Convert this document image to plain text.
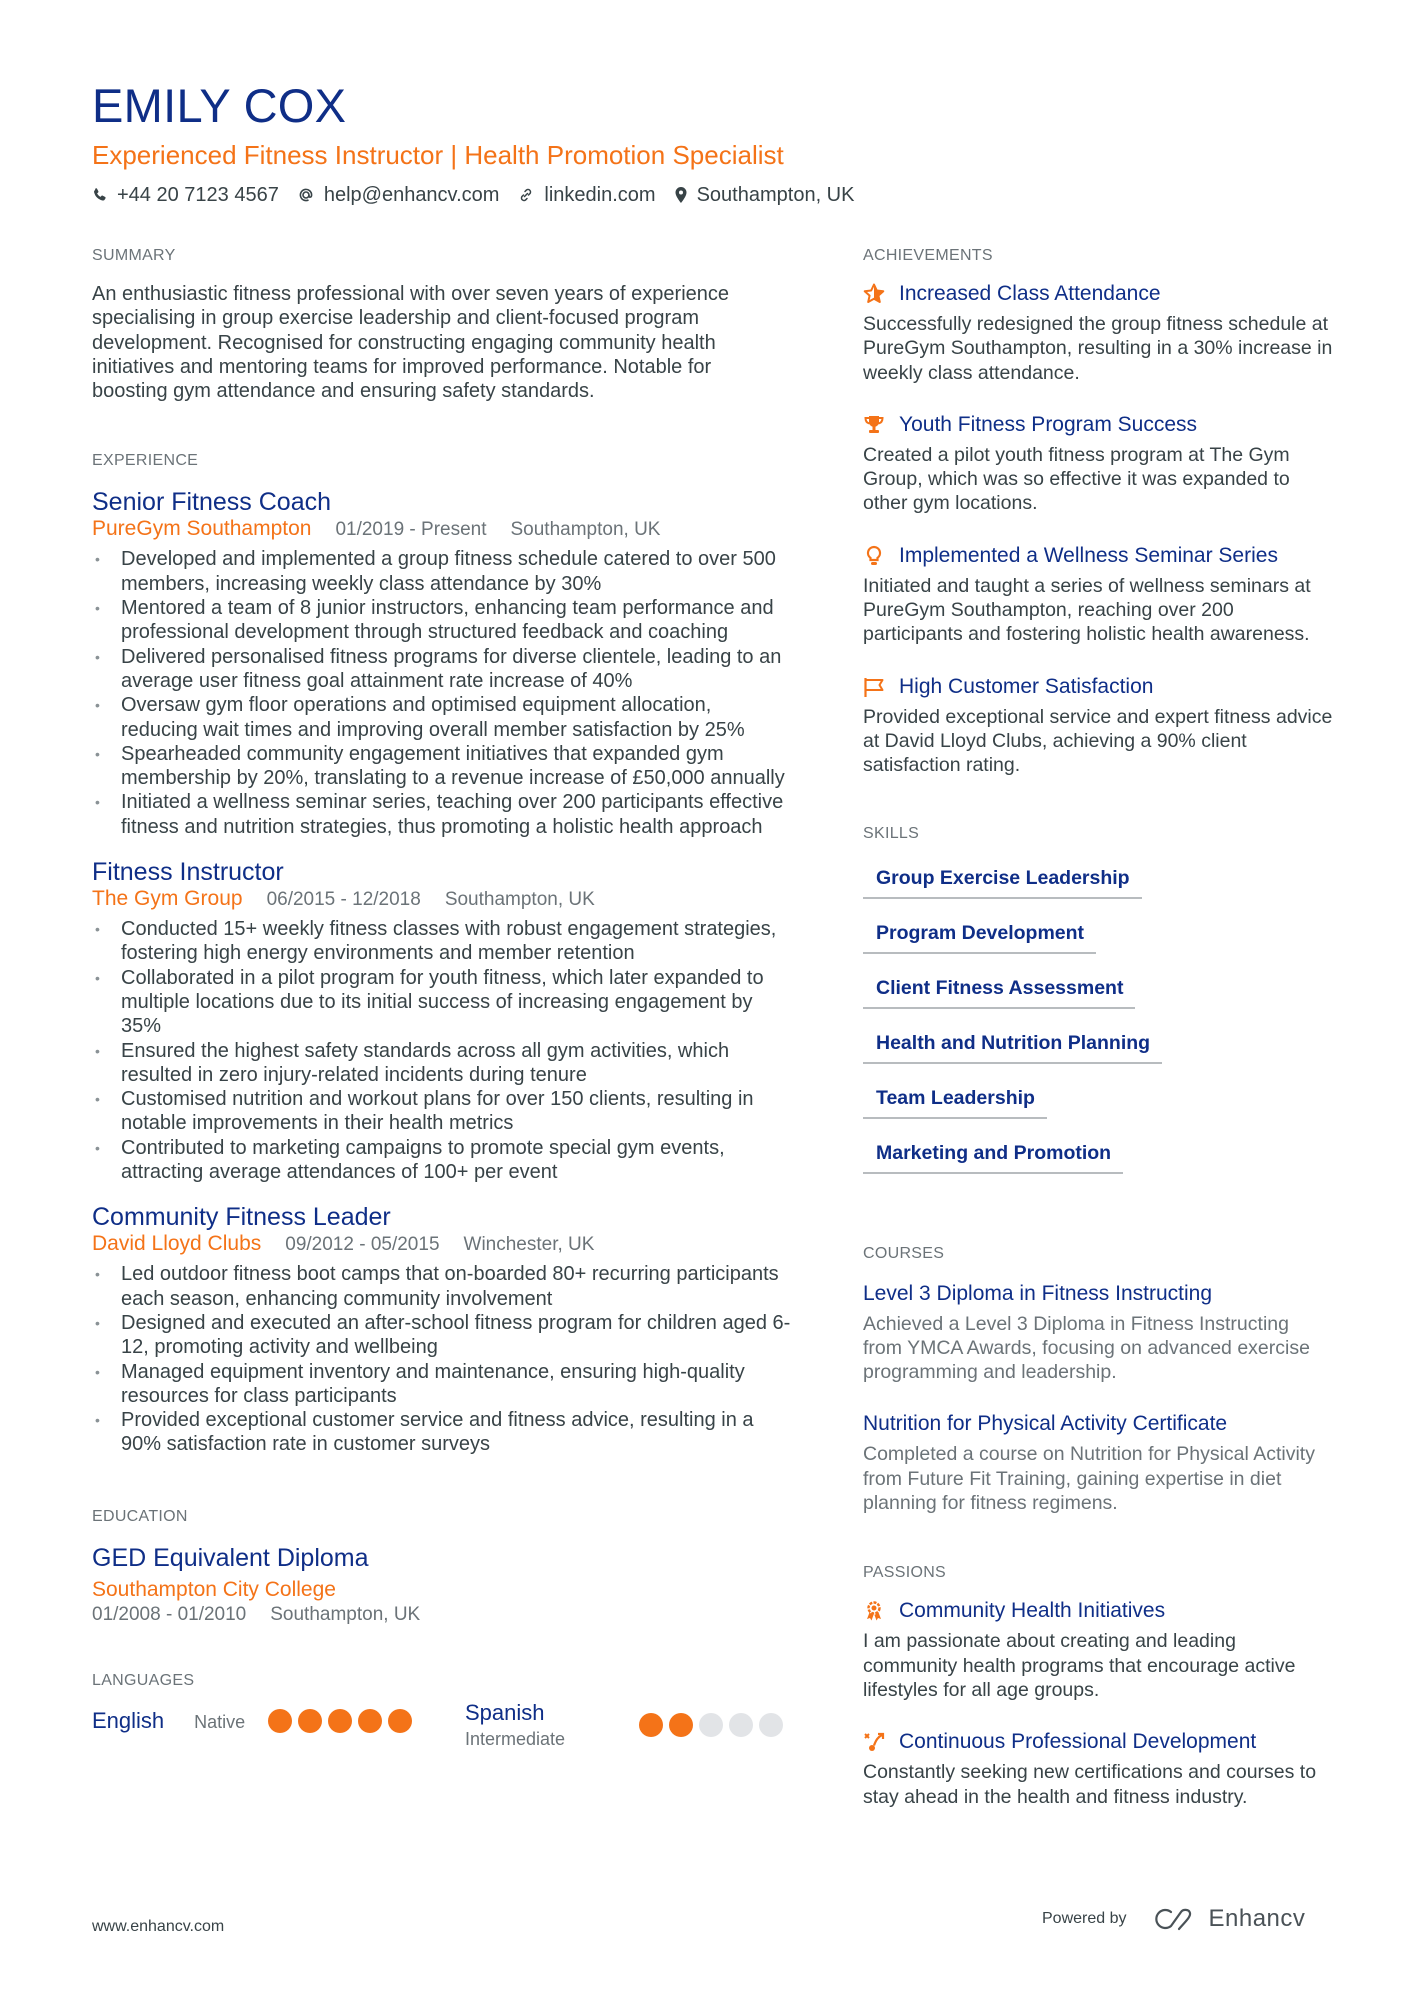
EMILY COX
Experienced Fitness Instructor | Health Promotion Specialist
+44 20 7123 4567 help@enhancv.com linkedin.com Southampton, UK
SUMMARY
An enthusiastic fitness professional with over seven years of experience specialising in group exercise leadership and client-focused program development. Recognised for constructing engaging community health initiatives and mentoring teams for improved performance. Notable for boosting gym attendance and ensuring safety standards.
EXPERIENCE
Senior Fitness Coach
PureGym Southampton 01/2019 - Present Southampton, UK
• Developed and implemented a group fitness schedule catered to over 500 members, increasing weekly class attendance by 30%
• Mentored a team of 8 junior instructors, enhancing team performance and professional development through structured feedback and coaching
• Delivered personalised fitness programs for diverse clientele, leading to an average user fitness goal attainment rate increase of 40%
• Oversaw gym floor operations and optimised equipment allocation, reducing wait times and improving overall member satisfaction by 25%
• Spearheaded community engagement initiatives that expanded gym membership by 20%, translating to a revenue increase of £50,000 annually
• Initiated a wellness seminar series, teaching over 200 participants effective fitness and nutrition strategies, thus promoting a holistic health approach
Fitness Instructor
The Gym Group 06/2015 - 12/2018 Southampton, UK
• Conducted 15+ weekly fitness classes with robust engagement strategies, fostering high energy environments and member retention
• Collaborated in a pilot program for youth fitness, which later expanded to multiple locations due to its initial success of increasing engagement by 35%
• Ensured the highest safety standards across all gym activities, which resulted in zero injury-related incidents during tenure
• Customised nutrition and workout plans for over 150 clients, resulting in notable improvements in their health metrics
• Contributed to marketing campaigns to promote special gym events, attracting average attendances of 100+ per event
Community Fitness Leader
David Lloyd Clubs 09/2012 - 05/2015 Winchester, UK
• Led outdoor fitness boot camps that on-boarded 80+ recurring participants each season, enhancing community involvement
• Designed and executed an after-school fitness program for children aged 6-12, promoting activity and wellbeing
• Managed equipment inventory and maintenance, ensuring high-quality resources for class participants
• Provided exceptional customer service and fitness advice, resulting in a 90% satisfaction rate in customer surveys
EDUCATION
GED Equivalent Diploma
Southampton City College
01/2008 - 01/2010 Southampton, UK
LANGUAGES
English Native	Spanish
Intermediate
ACHIEVEMENTS
Increased Class Attendance
Successfully redesigned the group fitness schedule at PureGym Southampton, resulting in a 30% increase in weekly class attendance.
Youth Fitness Program Success
Created a pilot youth fitness program at The Gym Group, which was so effective it was expanded to other gym locations.
Implemented a Wellness Seminar Series
Initiated and taught a series of wellness seminars at PureGym Southampton, reaching over 200 participants and fostering holistic health awareness.
High Customer Satisfaction
Provided exceptional service and expert fitness advice at David Lloyd Clubs, achieving a 90% client satisfaction rating.
SKILLS
Group Exercise Leadership
Program Development
Client Fitness Assessment
Health and Nutrition Planning
Team Leadership
Marketing and Promotion
COURSES
Level 3 Diploma in Fitness Instructing
Achieved a Level 3 Diploma in Fitness Instructing from YMCA Awards, focusing on advanced exercise programming and leadership.
Nutrition for Physical Activity Certificate
Completed a course on Nutrition for Physical Activity from Future Fit Training, gaining expertise in diet planning for fitness regimens.
PASSIONS
Community Health Initiatives
I am passionate about creating and leading community health programs that encourage active lifestyles for all age groups.
Continuous Professional Development
Constantly seeking new certifications and courses to stay ahead in the health and fitness industry.
www.enhancv.com	Powered by	Enhancv
